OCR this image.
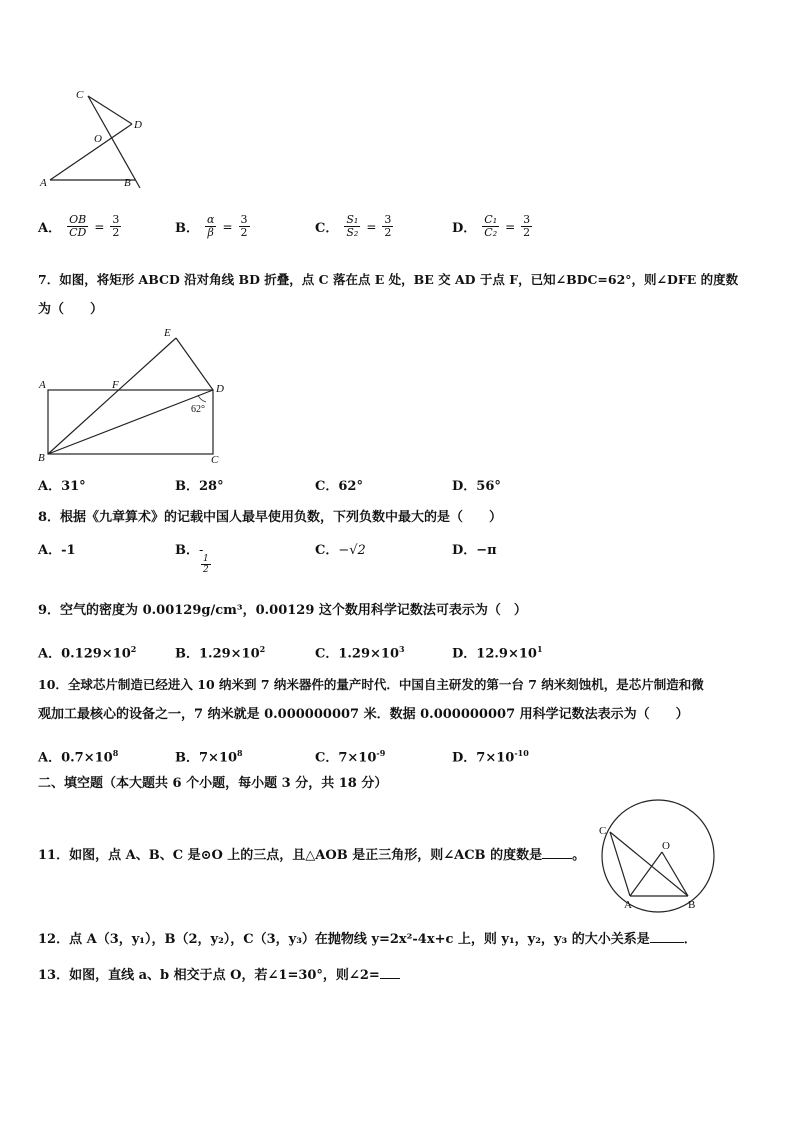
C
D
O
A	B
A． $\frac{OB}{CD} = \frac{3}{2}$	B． $\frac{\alpha}{\beta} = \frac{3}{2}$	C． $\frac{\text{S₁}}{\text{S₂}} = \frac{3}{2}$	D． $\frac{\text{C₁}}{\text{C₂}} = \frac{3}{2}$
7．如图，将矩形 ABCD 沿对角线 BD 折叠，点 C 落在点 E 处，BE 交 AD 于点 F，已知∠BDC=62°，则∠DFE 的度数
为（　　）
E
A	F	D
62°
B	C
A．31°	B．28°	C．62°	D．56°
8．根据《九章算术》的记载中国人最早使用负数，下列负数中最大的是（　　）
A．-1	B．-
$\frac{1}{2}$
C．−√2	D．−π
9．空气的密度为 0.00129g/cm³，0.00129 这个数用科学记数法可表示为（　）
A．$0.129\times 10^2$	B．$1.29\times 10^2$	C．$1.29\times 10^3$	D．$12.9\times 10^1$
10．全球芯片制造已经进入 10 纳米到 7 纳米器件的量产时代．中国自主研发的第一台 7 纳米刻蚀机，是芯片制造和微
观加工最核心的设备之一，7 纳米就是 0.000000007 米．数据 0.000000007 用科学记数法表示为（　　）
A．$0.7\times 10^8$	B．$7\times 10^8$	C．$7\times 10^{-9}$	D．$7\times 10^{-10}$
二、填空题（本大题共 6 个小题，每小题 3 分，共 18 分）
11．如图，点 A、B、C 是⊙O 上的三点，且△AOB 是正三角形，则∠ACB 的度数是 。
C
O
A	B
12．点 A（3，y₁），B（2，y₂），C（3，y₃）在抛物线 y=2x²-4x+c 上，则 y₁，y₂，y₃ 的大小关系是	．
13．如图，直线 a、b 相交于点 O，若∠1=30°，则∠2=
